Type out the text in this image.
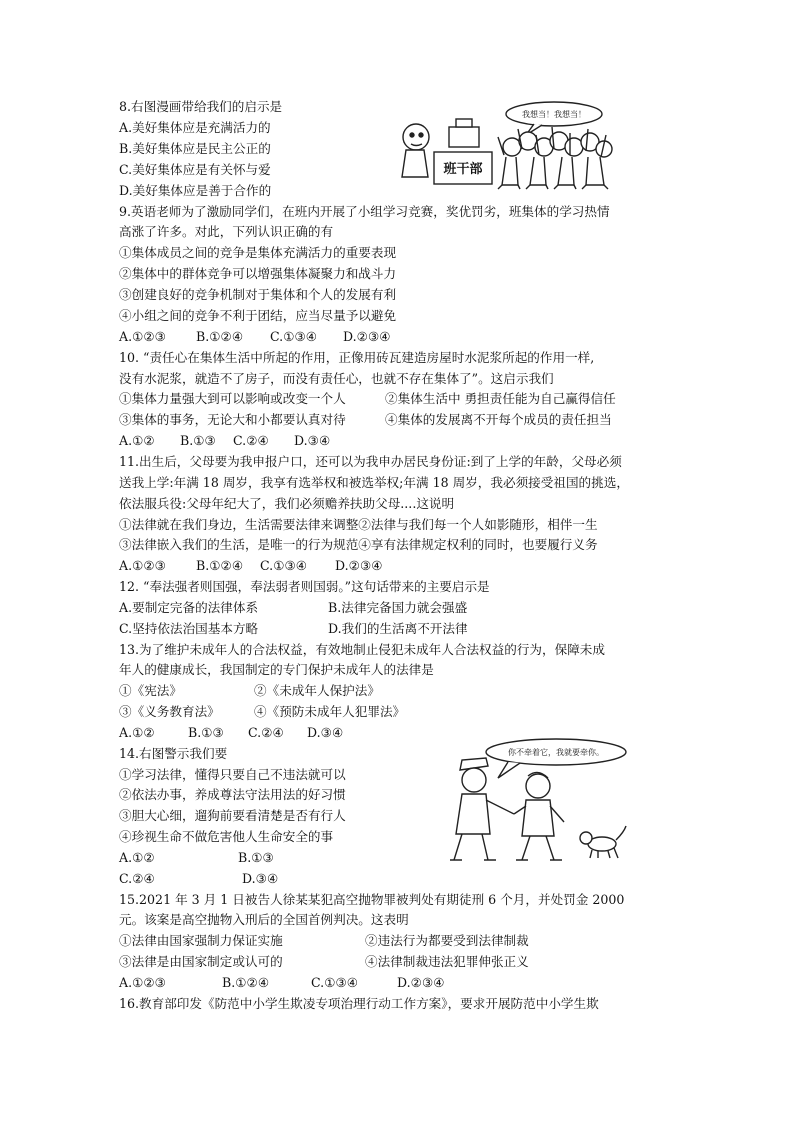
8.右图漫画带给我们的启示是
A.美好集体应是充满活力的
B.美好集体应是民主公正的
C.美好集体应是有关怀与爱
D.美好集体应是善于合作的
我想当！我想当！
班干部
9.英语老师为了激励同学们，在班内开展了小组学习竞赛，奖优罚劣，班集体的学习热情
高涨了许多。对此，下列认识正确的有
①集体成员之间的竞争是集体充满活力的重要表现
②集体中的群体竞争可以增强集体凝聚力和战斗力
③创建良好的竞争机制对于集体和个人的发展有利
④小组之间的竞争不利于团结，应当尽量予以避免
A.①②③ B.①②④ C.①③④ D.②③④
10. “责任心在集体生活中所起的作用，正像用砖瓦建造房屋时水泥浆所起的作用一样,
没有水泥浆，就造不了房子，而没有责任心，也就不存在集体了”。这启示我们
①集体力量强大到可以影响或改变一个人	②集体生活中 勇担责任能为自己赢得信任
③集体的事务，无论大和小都要认真对待	④集体的发展离不开每个成员的责任担当
A.①② B.①③ C.②④ D.③④
11.出生后，父母要为我申报户口，还可以为我申办居民身份证:到了上学的年龄，父母必须
送我上学:年满 18 周岁，我享有选举权和被选举权;年满 18 周岁，我必须接受祖国的挑选，
依法服兵役:父母年纪大了，我们必须赡养扶助父母....这说明
①法律就在我们身边，生活需要法律来调整②法律与我们每一个人如影随形，相伴一生
③法律嵌入我们的生活，是唯一的行为规范④享有法律规定权利的同时，也要履行义务
A.①②③ B.①②④ C.①③④ D.②③④
12. “奉法强者则国强，奉法弱者则国弱。”这句话带来的主要启示是
A.要制定完备的法律体系	B.法律完备国力就会强盛
C.坚持依法治国基本方略	D.我们的生活离不开法律
13.为了维护未成年人的合法权益，有效地制止侵犯未成年人合法权益的行为，保障未成
年人的健康成长，我国制定的专门保护未成年人的法律是
①《宪法》	②《未成年人保护法》
③《义务教育法》	④《预防未成年人犯罪法》
A.①②	B.①③ C.②④ D.③④
14.右图警示我们要
①学习法律，懂得只要自己不违法就可以
②依法办事，养成尊法守法用法的好习惯
③胆大心细，遛狗前要看清楚是否有行人
④珍视生命不做危害他人生命安全的事
A.①②	B.①③
C.②④	D.③④
你不牵着它，我就要牵你。
15.2021 年 3 月 1 日被告人徐某某犯高空抛物罪被判处有期徒刑 6 个月，并处罚金 2000
元。该案是高空抛物入刑后的全国首例判决。这表明
①法律由国家强制力保证实施	②违法行为都要受到法律制裁
③法律是由国家制定或认可的	④法律制裁违法犯罪伸张正义
A.①②③	B.①②④	C.①③④	D.②③④
16.教育部印发《防范中小学生欺凌专项治理行动工作方案》，要求开展防范中小学生欺
